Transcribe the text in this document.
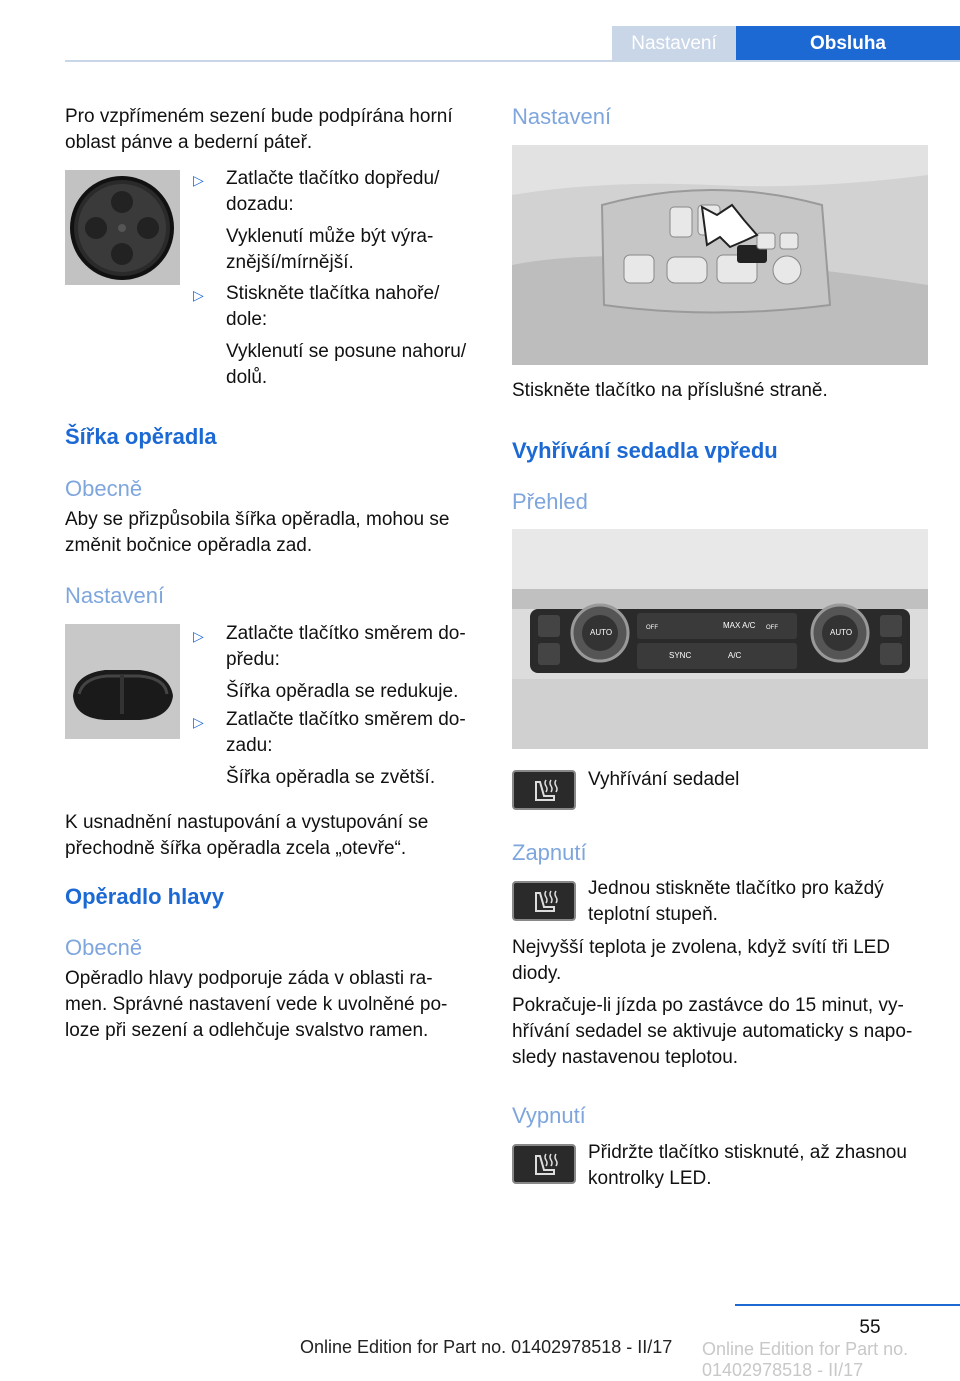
Nastavení	Obsluha
Pro vzpřímeném sezení bude podpírána horní
oblast pánve a bederní páteř.
▷ Zatlačte tlačítko dopředu/
dozadu:
Vyklenutí může být výra-
znější/mírnější.
▷ Stiskněte tlačítka nahoře/
dole:
Vyklenutí se posune nahoru/
dolů.
Šířka opěradla
Obecně
Aby se přizpůsobila šířka opěradla, mohou se
změnit bočnice opěradla zad.
Nastavení
▷ Zatlačte tlačítko směrem do-
předu:
Šířka opěradla se redukuje.
▷ Zatlačte tlačítko směrem do-
zadu:
Šířka opěradla se zvětší.
K usnadnění nastupování a vystupování se
přechodně šířka opěradla zcela „otevře“.
Opěradlo hlavy
Obecně
Opěradlo hlavy podporuje záda v oblasti ra-
men. Správné nastavení vede k uvolněné po-
loze při sezení a odlehčuje svalstvo ramen.
Nastavení
Stiskněte tlačítko na příslušné straně.
Vyhřívání sedadla vpředu
Přehled
AUTO	AUTO
MAX A/C
SYNC	A/C
OFF	OFF
Vyhřívání sedadel
Zapnutí
Jednou stiskněte tlačítko pro každý
teplotní stupeň.
Nejvyšší teplota je zvolena, když svítí tři LED
diody.
Pokračuje-li jízda po zastávce do 15 minut, vy-
hřívání sedadel se aktivuje automaticky s napo-
sledy nastavenou teplotou.
Vypnutí
Přidržte tlačítko stisknuté, až zhasnou
kontrolky LED.
55
Online Edition for Part no. 01402978518 - II/17 Online Edition for Part no. 01402978518 - II/17
